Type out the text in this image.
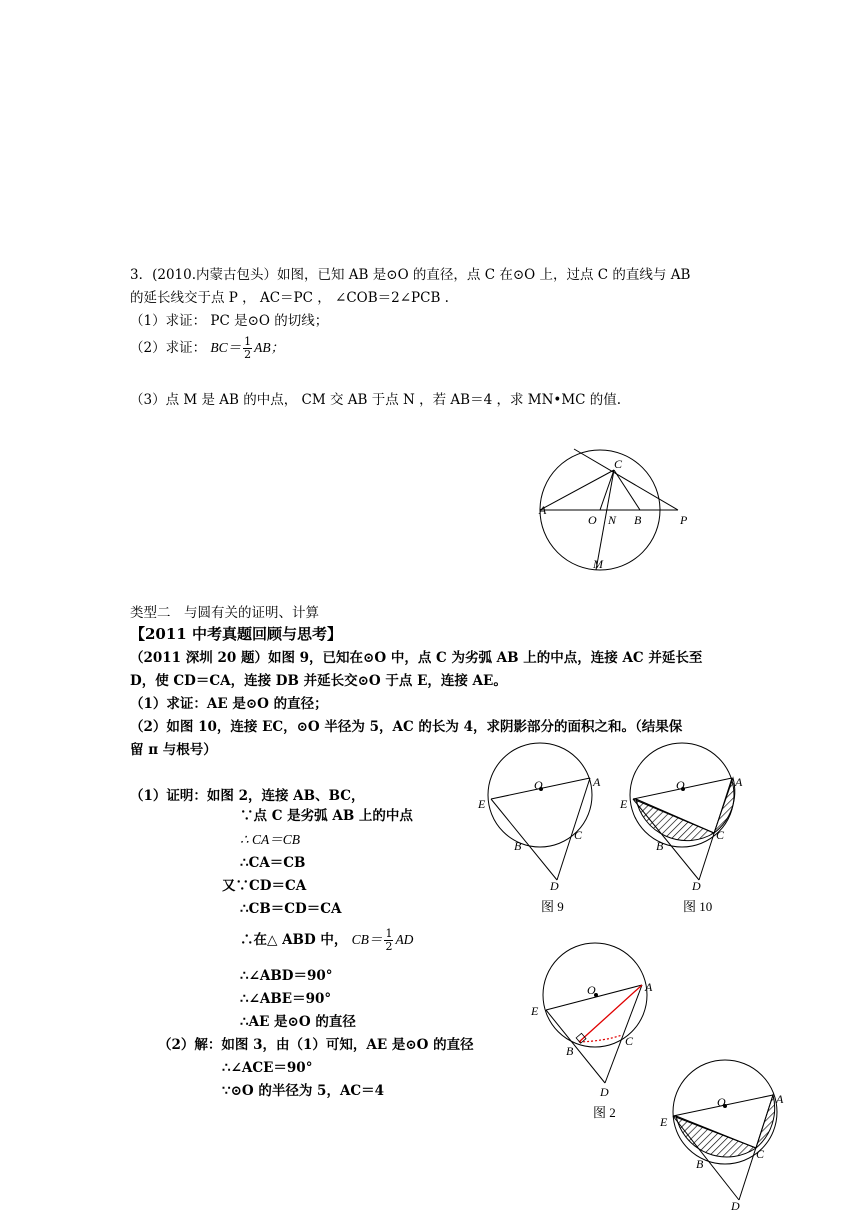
3．(2010.内蒙古包头）如图，已知 AB 是⊙O 的直径，点 C 在⊙O 上，过点 C 的直线与 AB
的延长线交于点 P ， AC＝PC ， ∠COB＝2∠PCB .
（1）求证： PC 是⊙O 的切线；
（2）求证： $BC= \frac{1}{2}$ AB；
（3）点 M 是 AB 的中点， CM 交 AB 于点 N ，若 AB＝4 ，求 MN•MC 的值.
C
A
O N B	P
M
类型二　与圆有关的证明、计算
【2011 中考真题回顾与思考】
（2011 深圳 20 题）如图 9，已知在⊙O 中，点 C 为劣弧 AB 上的中点，连接 AC 并延长至
D，使 CD＝CA，连接 DB 并延长交⊙O 于点 E，连接 AE。
（1）求证：AE 是⊙O 的直径；
（2）如图 10，连接 EC，⊙O 半径为 5，AC 的长为 4，求阴影部分的面积之和。（结果保
留 π 与根号）
（1）证明：如图 2，连接 AB、BC，
∵点 C 是劣弧 AB 上的中点
∴ CA＝CB
∴CA＝CB
又∵CD＝CA
∴CB＝CD＝CA
∴在△ ABD 中， $CB= \frac{1}{2}$ AD
∴∠ABD＝90°
∴∠ABE＝90°
∴AE 是⊙O 的直径
（2）解：如图 3，由（1）可知，AE 是⊙O 的直径
∴∠ACE＝90°
∵⊙O 的半径为 5，AC＝4
O	A
E
C
B
D
图 9
O	A
E
C
B
D
图 10
O	A
E
C
B
D
图 2
O	A
E
C
B
D
